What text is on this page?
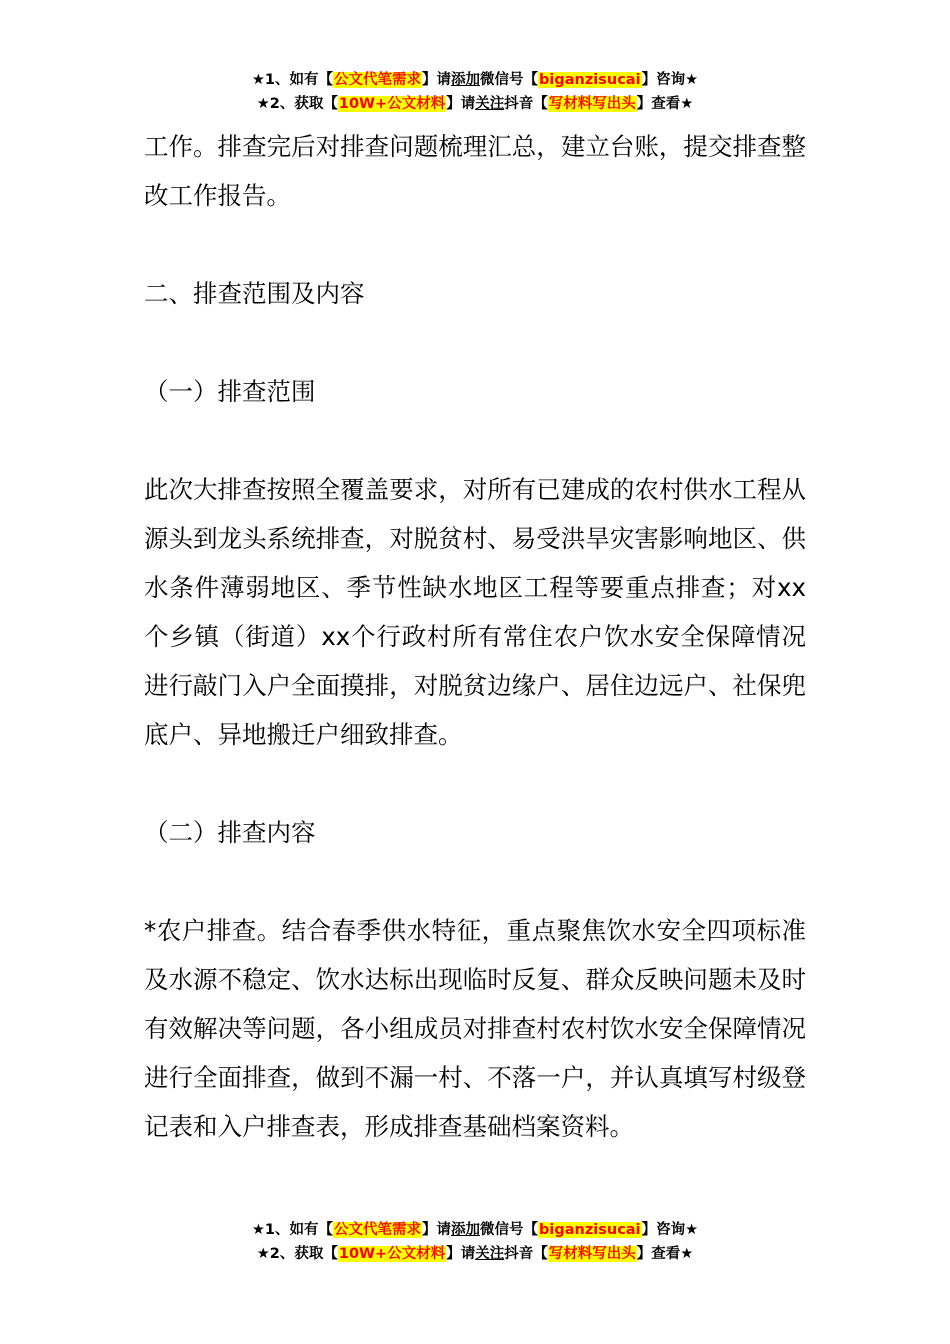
★1、如有【公文代笔需求】请添加微信号【biganzisucai】咨询★
★2、获取【10W+公文材料】请关注抖音【写材料写出头】查看★

工作。排查完后对排查问题梳理汇总，建立台账，提交排查整改工作报告。

二、排查范围及内容

（一）排查范围

此次大排查按照全覆盖要求，对所有已建成的农村供水工程从源头到龙头系统排查，对脱贫村、易受洪旱灾害影响地区、供水条件薄弱地区、季节性缺水地区工程等要重点排查；对xx个乡镇（街道）xx个行政村所有常住农户饮水安全保障情况进行敲门入户全面摸排，对脱贫边缘户、居住边远户、社保兜底户、异地搬迁户细致排查。

（二）排查内容

*农户排查。结合春季供水特征，重点聚焦饮水安全四项标准及水源不稳定、饮水达标出现临时反复、群众反映问题未及时有效解决等问题，各小组成员对排查村农村饮水安全保障情况进行全面排查，做到不漏一村、不落一户，并认真填写村级登记表和入户排查表，形成排查基础档案资料。

★1、如有【公文代笔需求】请添加微信号【biganzisucai】咨询★
★2、获取【10W+公文材料】请关注抖音【写材料写出头】查看★
